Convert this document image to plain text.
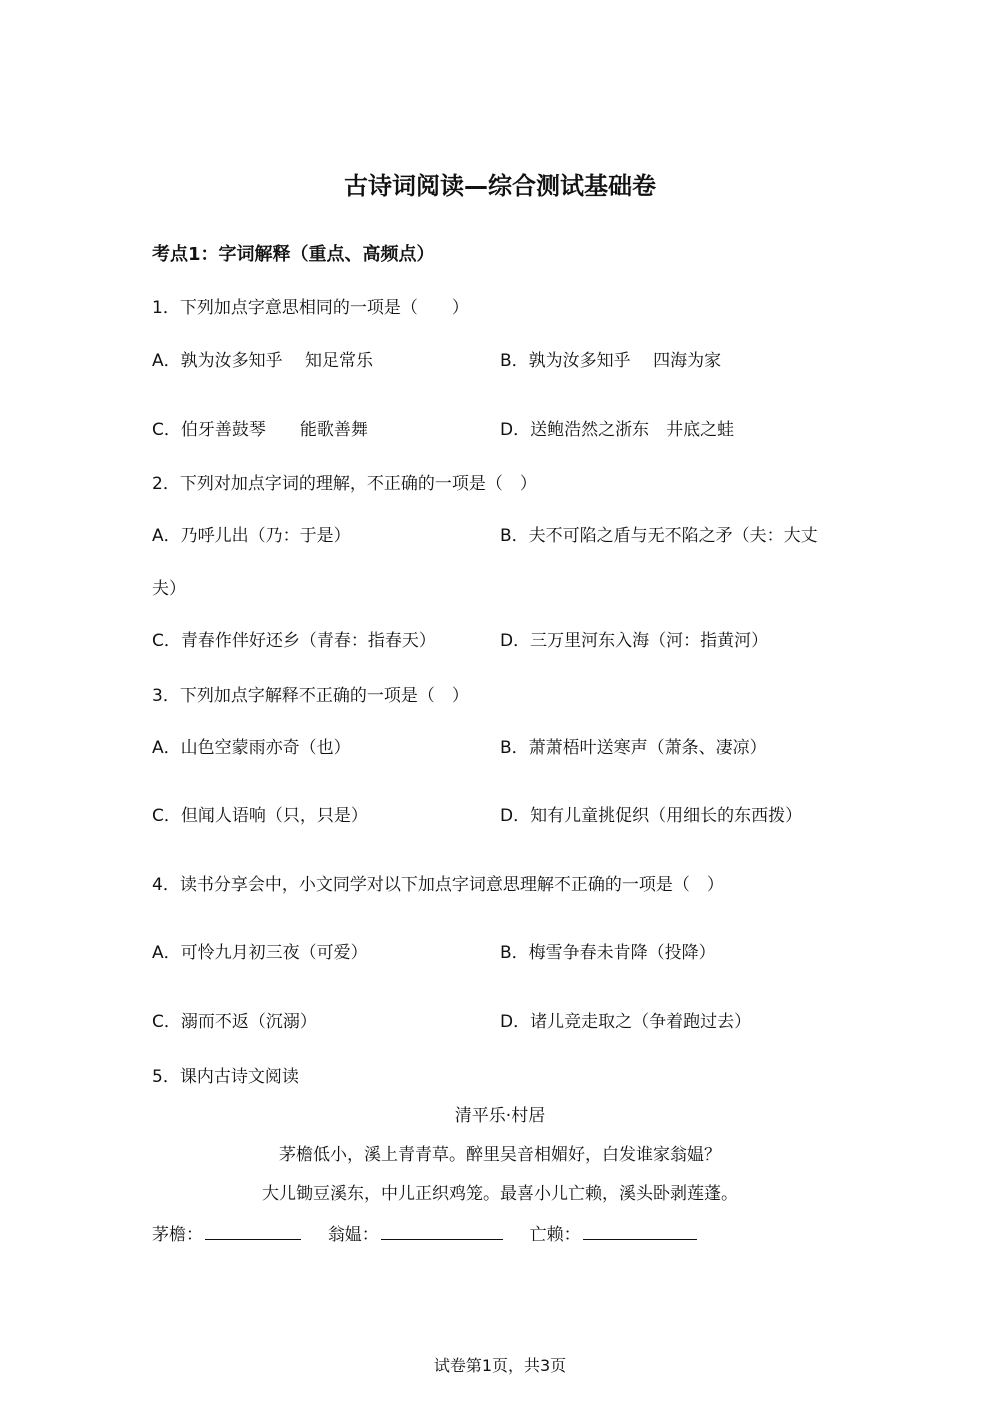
古诗词阅读—综合测试基础卷
考点1：字词解释（重点、高频点）
1．下列加点字意思相同的一项是（　　）
A．孰为汝多知乎　 知足常乐	B．孰为汝多知乎　 四海为家
C．伯牙善鼓琴　　能歌善舞	D．送鲍浩然之浙东　井底之蛙
2．下列对加点字词的理解，不正确的一项是（　）
A．乃呼儿出（乃：于是）	B．夫不可陷之盾与无不陷之矛（夫：大丈
夫）
C．青春作伴好还乡（青春：指春天）	D．三万里河东入海（河：指黄河）
3．下列加点字解释不正确的一项是（　）
A．山色空蒙雨亦奇（也）	B．萧萧梧叶送寒声（萧条、凄凉）
C．但闻人语响（只，只是）	D．知有儿童挑促织（用细长的东西拨）
4．读书分享会中，小文同学对以下加点字词意思理解不正确的一项是（　）
A．可怜九月初三夜（可爱）	B．梅雪争春未肯降（投降）
C．溺而不返（沉溺）	D．诸儿竞走取之（争着跑过去）
5．课内古诗文阅读
清平乐·村居
茅檐低小，溪上青青草。醉里吴音相媚好，白发谁家翁媪？
大儿锄豆溪东，中儿正织鸡笼。最喜小儿亡赖，溪头卧剥莲蓬。
茅檐：	翁媪：	亡赖：
试卷第1页，共3页
